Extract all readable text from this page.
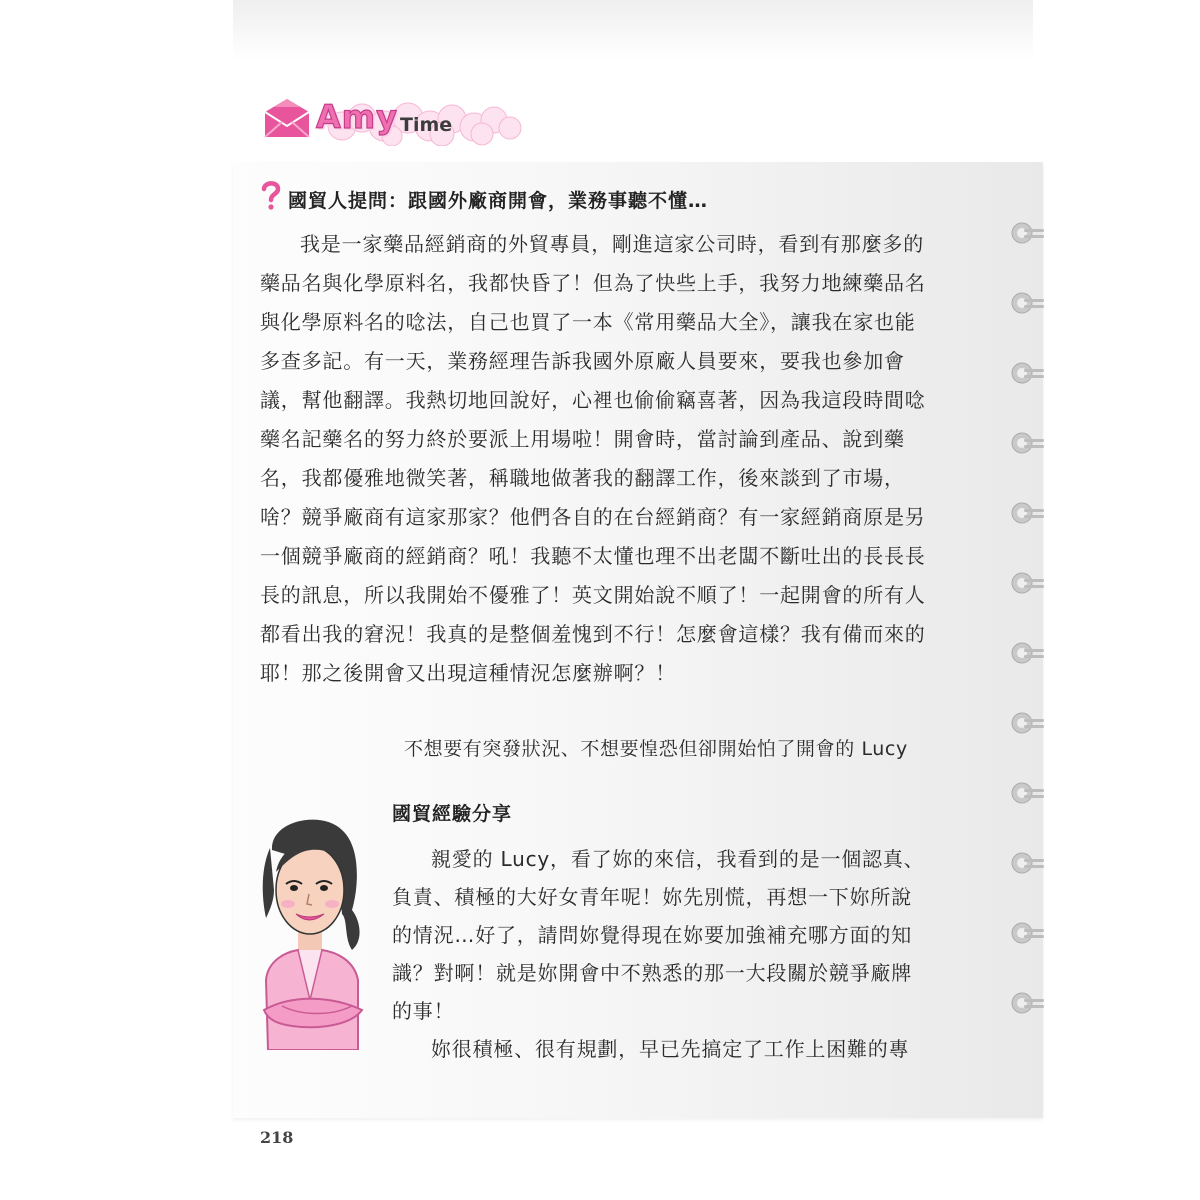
Amy Time
國貿人提問：跟國外廠商開會，業務事聽不懂…
我是一家藥品經銷商的外貿專員，剛進這家公司時，看到有那麼多的
藥品名與化學原料名，我都快昏了！但為了快些上手，我努力地練藥品名
與化學原料名的唸法，自己也買了一本《常用藥品大全》，讓我在家也能
多查多記。有一天，業務經理告訴我國外原廠人員要來，要我也參加會
議，幫他翻譯。我熱切地回說好，心裡也偷偷竊喜著，因為我這段時間唸
藥名記藥名的努力終於要派上用場啦！開會時，當討論到產品、說到藥
名，我都優雅地微笑著，稱職地做著我的翻譯工作，後來談到了市場，
啥？競爭廠商有這家那家？他們各自的在台經銷商？有一家經銷商原是另
一個競爭廠商的經銷商？吼！我聽不太懂也理不出老闆不斷吐出的長長長
長的訊息，所以我開始不優雅了！英文開始說不順了！一起開會的所有人
都看出我的窘況！我真的是整個羞愧到不行！怎麼會這樣？我有備而來的
耶！那之後開會又出現這種情況怎麼辦啊？！
不想要有突發狀況、不想要惶恐但卻開始怕了開會的 Lucy
國貿經驗分享
親愛的 Lucy，看了妳的來信，我看到的是一個認真、
負責、積極的大好女青年呢！妳先別慌，再想一下妳所說
的情況…好了，請問妳覺得現在妳要加強補充哪方面的知
識？對啊！就是妳開會中不熟悉的那一大段關於競爭廠牌
的事！
妳很積極、很有規劃，早已先搞定了工作上困難的專
218
